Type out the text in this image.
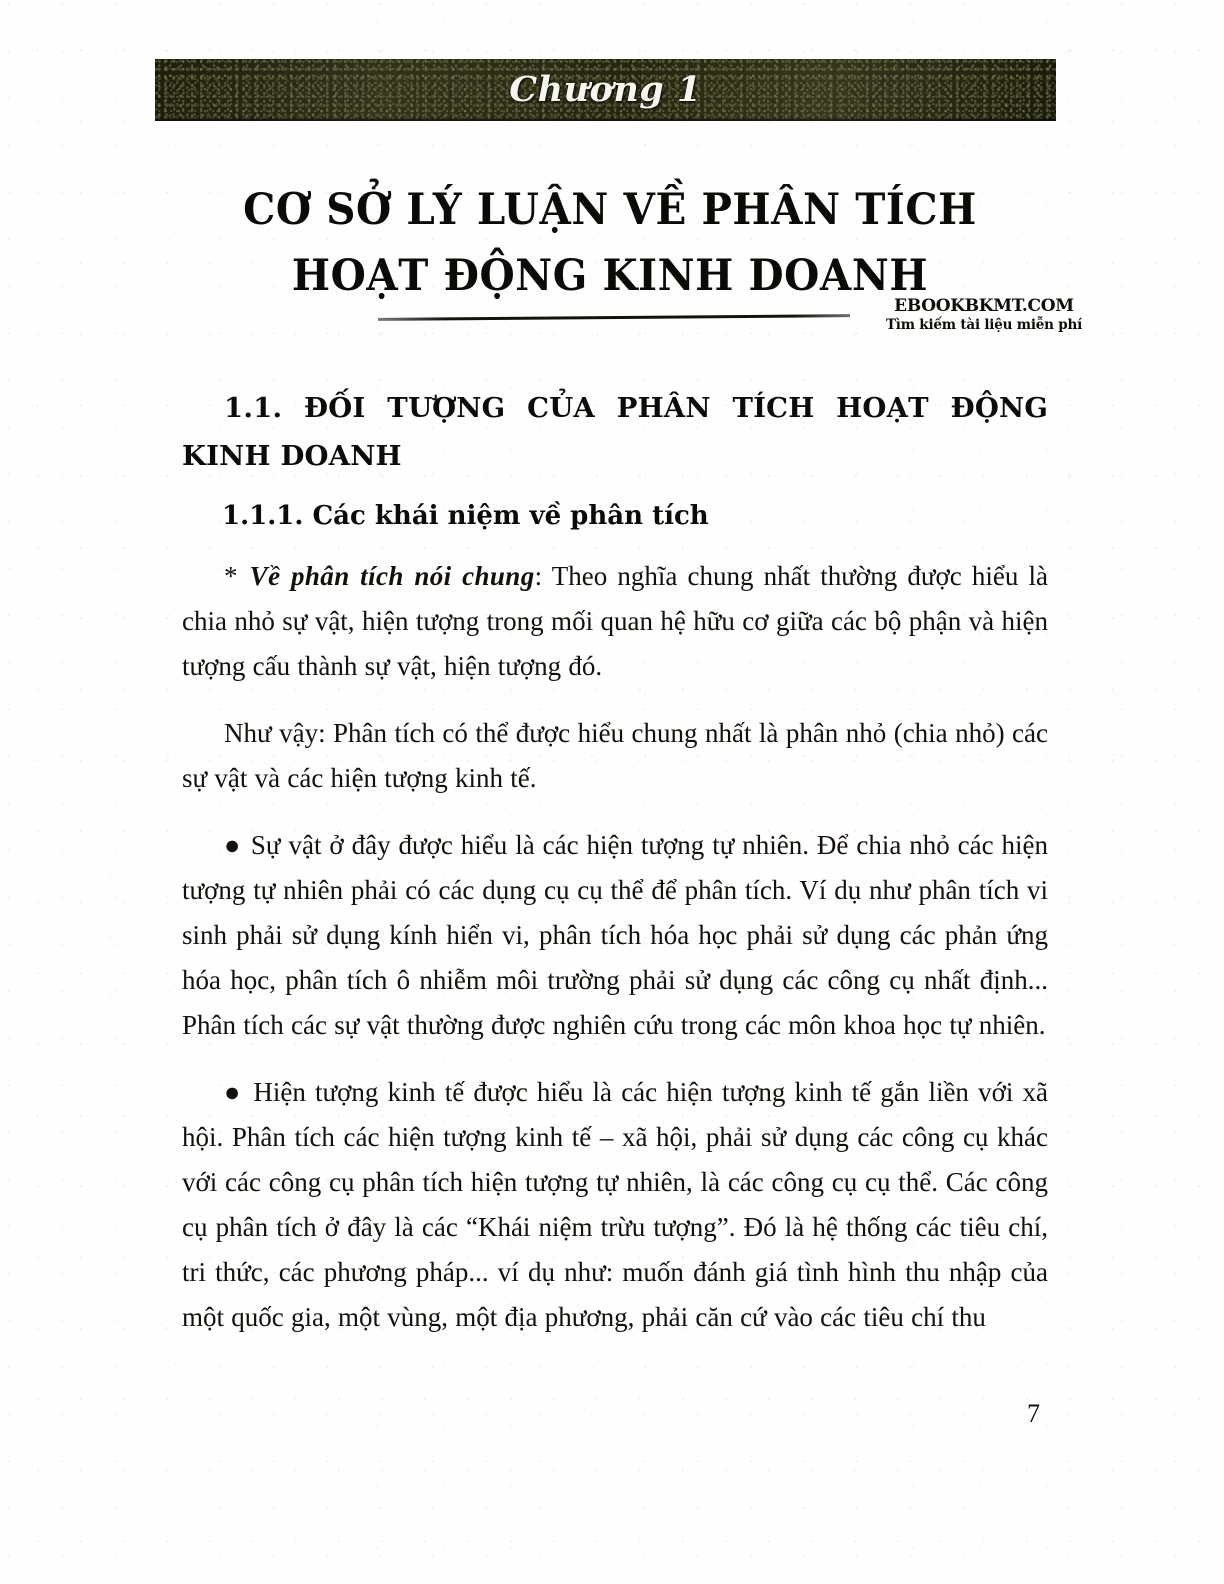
Chương 1
CƠ SỞ LÝ LUẬN VỀ PHÂN TÍCH
HOẠT ĐỘNG KINH DOANH
EBOOKBKMT.COM
Tìm kiếm tài liệu miễn phí
1.1. ĐỐI TƯỢNG CỦA PHÂN TÍCH HOẠT ĐỘNG KINH DOANH
1.1.1. Các khái niệm về phân tích

* Về phân tích nói chung: Theo nghĩa chung nhất thường được hiểu là chia nhỏ sự vật, hiện tượng trong mối quan hệ hữu cơ giữa các bộ phận và hiện tượng cấu thành sự vật, hiện tượng đó.

Như vậy: Phân tích có thể được hiểu chung nhất là phân nhỏ (chia nhỏ) các sự vật và các hiện tượng kinh tế.

● Sự vật ở đây được hiểu là các hiện tượng tự nhiên. Để chia nhỏ các hiện tượng tự nhiên phải có các dụng cụ cụ thể để phân tích. Ví dụ như phân tích vi sinh phải sử dụng kính hiển vi, phân tích hóa học phải sử dụng các phản ứng hóa học, phân tích ô nhiễm môi trường phải sử dụng các công cụ nhất định... Phân tích các sự vật thường được nghiên cứu trong các môn khoa học tự nhiên.

● Hiện tượng kinh tế được hiểu là các hiện tượng kinh tế gắn liền với xã hội. Phân tích các hiện tượng kinh tế – xã hội, phải sử dụng các công cụ khác với các công cụ phân tích hiện tượng tự nhiên, là các công cụ cụ thể. Các công cụ phân tích ở đây là các “Khái niệm trừu tượng”. Đó là hệ thống các tiêu chí, tri thức, các phương pháp... ví dụ như: muốn đánh giá tình hình thu nhập của một quốc gia, một vùng, một địa phương, phải căn cứ vào các tiêu chí thu

7
